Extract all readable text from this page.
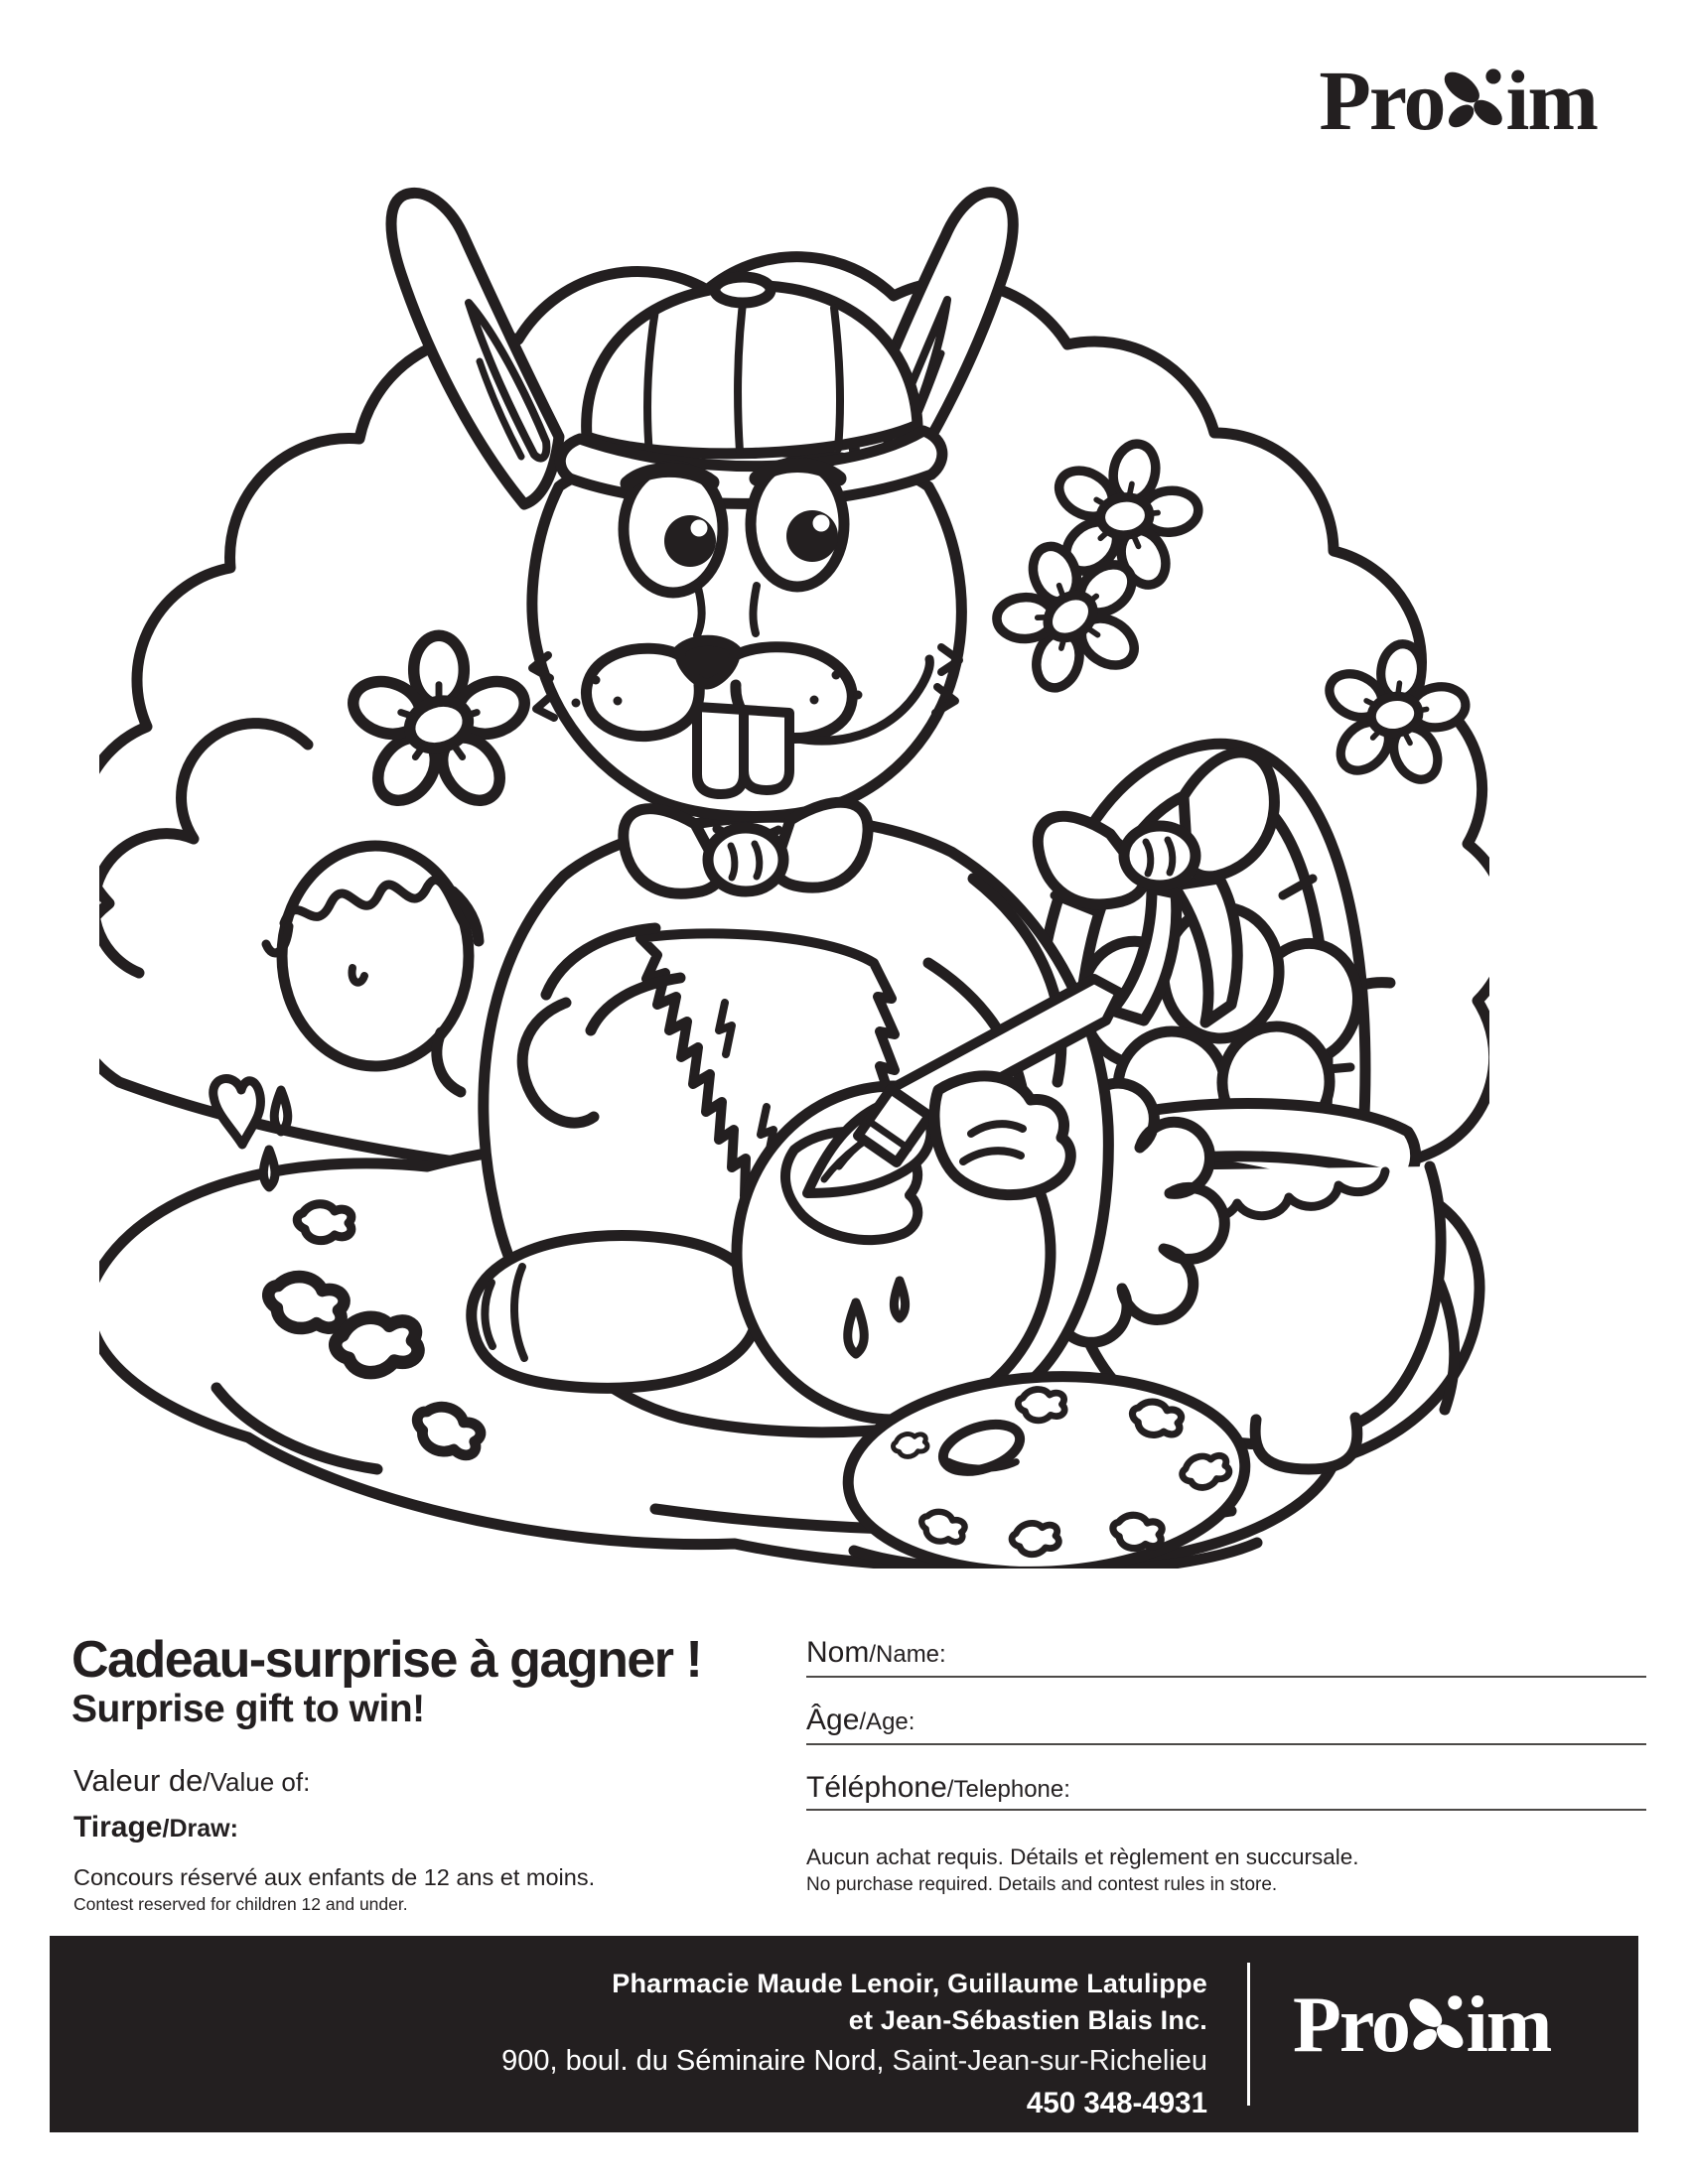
Pro im
Cadeau-surprise à gagner !
Surprise gift to win!
Valeur de/Value of:
Tirage/Draw:
Concours réservé aux enfants de 12 ans et moins.
Contest reserved for children 12 and under.
Nom/Name:
Âge/Age:
Téléphone/Telephone:
Aucun achat requis. Détails et règlement en succursale.
No purchase required. Details and contest rules in store.
Pharmacie Maude Lenoir, Guillaume Latulippe
et Jean-Sébastien Blais Inc.
900, boul. du Séminaire Nord, Saint-Jean-sur-Richelieu
450 348-4931
Pro im
